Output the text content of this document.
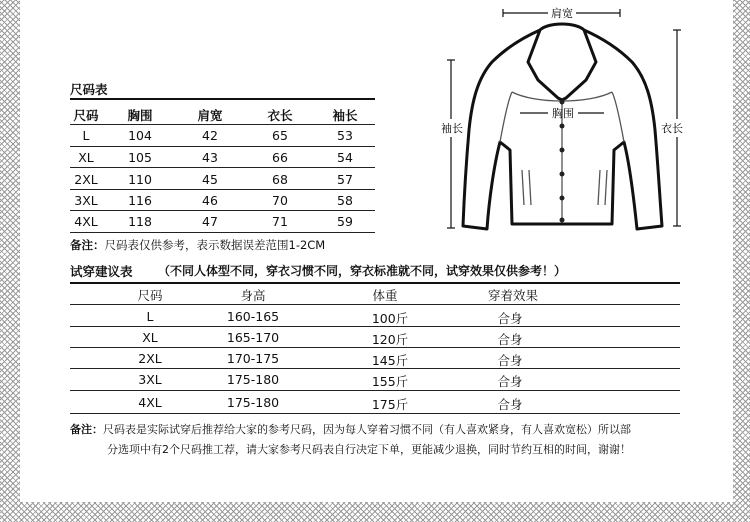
尺码表
尺码	胸围	肩宽	衣长	袖长
L	104	42	65	53
XL	105	43	66	54
2XL	110	45	68	57
3XL	116	46	70	58
4XL	118	47	71	59
备注：尺码表仅供参考，表示数据误差范围1-2CM
肩宽
胸围
袖长	衣长
试穿建议表 （不同人体型不同，穿衣习惯不同，穿衣标准就不同，试穿效果仅供参考！）
尺码	身高	体重	穿着效果
L	160-165	100斤	合身
XL	165-170	120斤	合身
2XL	170-175	145斤	合身
3XL	175-180	155斤	合身
4XL	175-180	175斤	合身
备注：尺码表是实际试穿后推荐给大家的参考尺码，因为每人穿着习惯不同（有人喜欢紧身，有人喜欢宽松）所以部
分选项中有2个尺码推工荐，请大家参考尺码表自行决定下单，更能减少退换，同时节约互相的时间，谢谢！
